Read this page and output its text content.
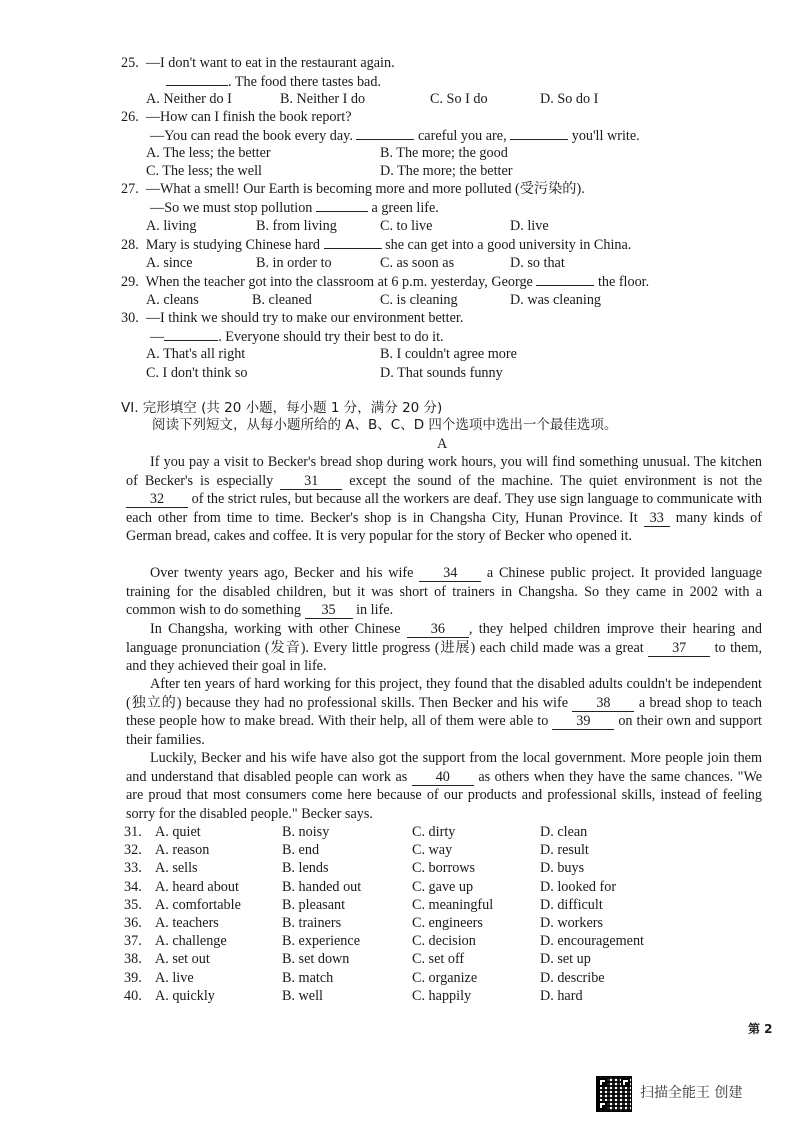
25. —I don't want to eat in the restaurant again.
. The food there tastes bad.
A. Neither do I	B. Neither I do	C. So I do	D. So do I
26. —How can I finish the book report?
—You can read the book every day.	careful you are,	you'll write.
A. The less; the better	B. The more; the good
C. The less; the well	D. The more; the better
27. —What a smell! Our Earth is becoming more and more polluted (受污染的).
—So we must stop pollution	a green life.
A. living	B. from living	C. to live	D. live
28. Mary is studying Chinese hard	she can get into a good university in China.
A. since	B. in order to	C. as soon as	D. so that
29. When the teacher got into the classroom at 6 p.m. yesterday, George	the floor.
A. cleans	B. cleaned	C. is cleaning	D. was cleaning
30. —I think we should try to make our environment better.
—	. Everyone should try their best to do it.
A. That's all right	B. I couldn't agree more
C. I don't think so	D. That sounds funny
VI. 完形填空 (共 20 小题，每小题 1 分，满分 20 分)
阅读下列短文，从每小题所给的 A、B、C、D 四个选项中选出一个最佳选项。
A
If you pay a visit to Becker's bread shop during work hours, you will find something unusual. The kitchen of Becker's is especially 31 except the sound of the machine. The quiet environment is not the 32 of the strict rules, but because all the workers are deaf. They use sign language to communicate with each other from time to time. Becker's shop is in Changsha City, Hunan Province. It 33 many kinds of German bread, cakes and coffee. It is very popular for the story of Becker who opened it.
Over twenty years ago, Becker and his wife 34 a Chinese public project. It provided language training for the disabled children, but it was short of trainers in Changsha. So they came in 2002 with a common wish to do something 35 in life.
In Changsha, working with other Chinese 36 , they helped children improve their hearing and language pronunciation (发音). Every little progress (进展) each child made was a great 37 to them, and they achieved their goal in life.
After ten years of hard working for this project, they found that the disabled adults couldn't be independent (独立的) because they had no professional skills. Then Becker and his wife 38 a bread shop to teach these people how to make bread. With their help, all of them were able to 39 on their own and support their families.
Luckily, Becker and his wife have also got the support from the local government. More people join them and understand that disabled people can work as 40 as others when they have the same chances. "We are proud that most consumers come here because of our products and professional skills, instead of feeling sorry for the disabled people." Becker says.
31. A. quiet	B. noisy	C. dirty	D. clean
32. A. reason	B. end	C. way	D. result
33. A. sells	B. lends	C. borrows	D. buys
34. A. heard about	B. handed out	C. gave up	D. looked for
35. A. comfortable	B. pleasant	C. meaningful	D. difficult
36. A. teachers	B. trainers	C. engineers	D. workers
37. A. challenge	B. experience	C. decision	D. encouragement
38. A. set out	B. set down	C. set off	D. set up
39. A. live	B. match	C. organize	D. describe
40. A. quickly	B. well	C. happily	D. hard
第 2
扫描全能王 创建
